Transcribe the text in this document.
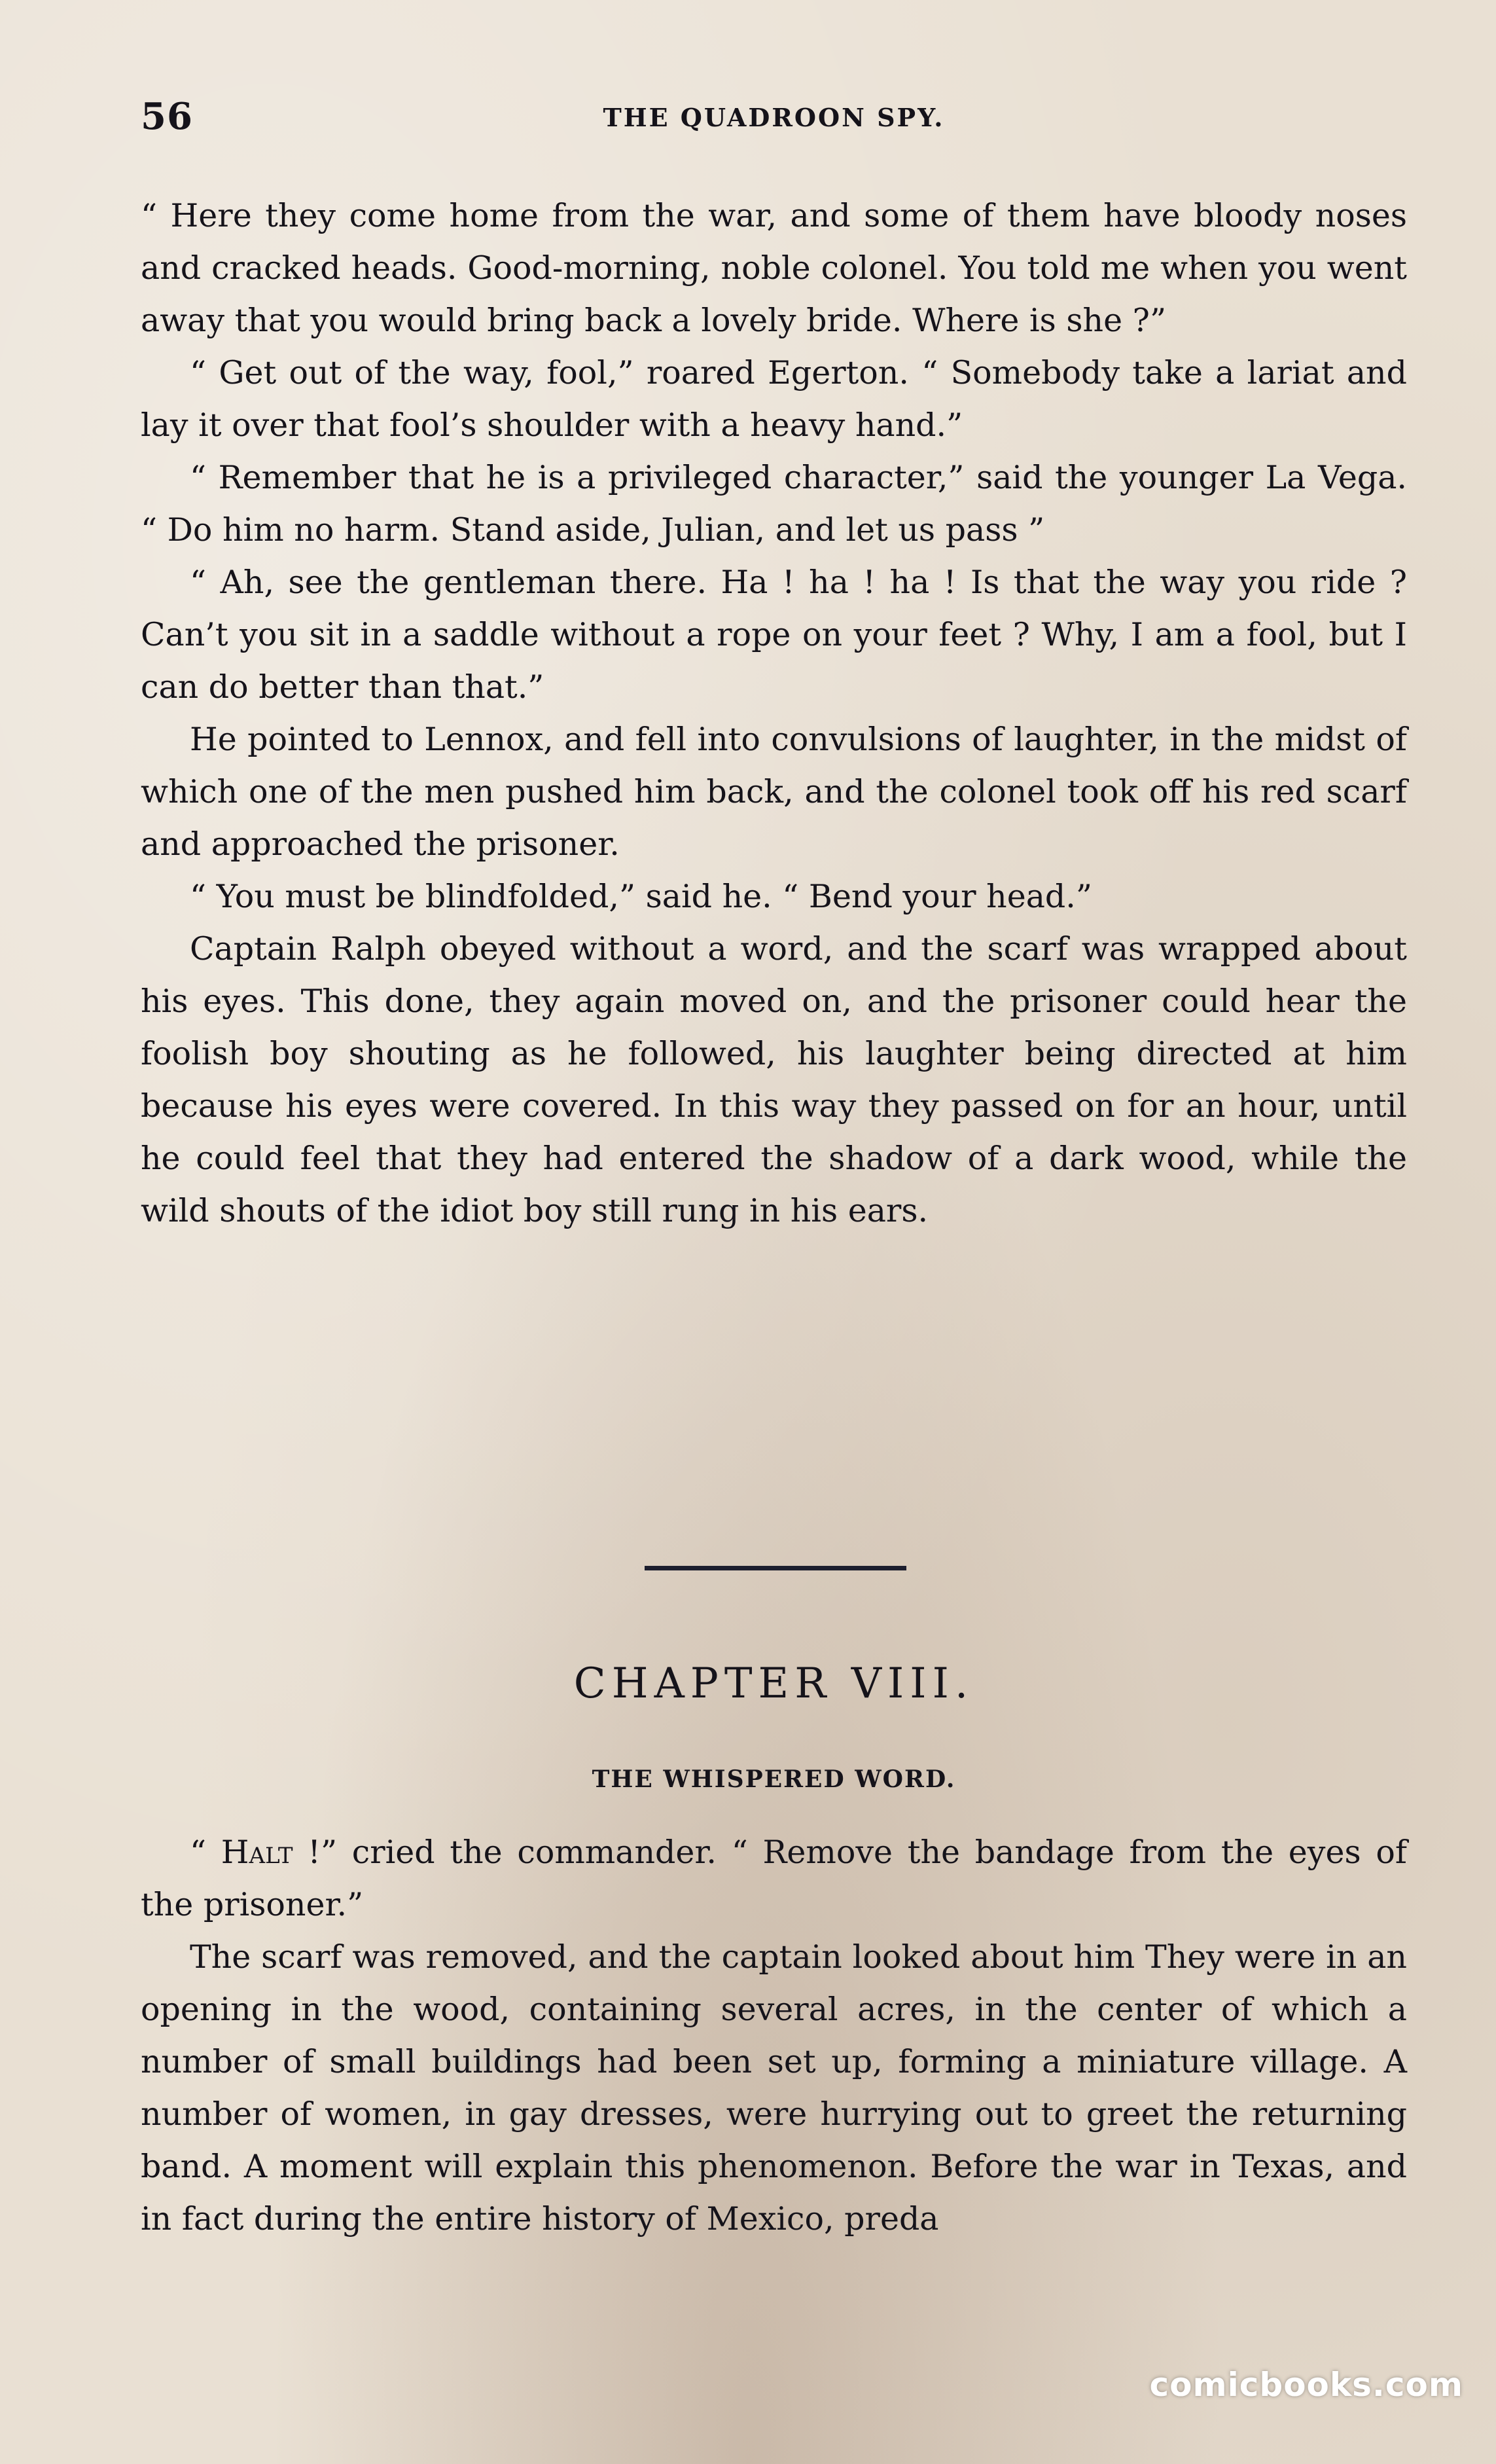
56	THE QUADROON SPY.

“ Here they come home from the war, and some of them have bloody noses and cracked heads. Good-morning, noble colonel. You told me when you went away that you would bring back a lovely bride. Where is she ?”

“ Get out of the way, fool,” roared Egerton. “ Somebody take a lariat and lay it over that fool’s shoulder with a heavy hand.”

“ Remember that he is a privileged character,” said the younger La Vega. “ Do him no harm. Stand aside, Julian, and let us pass ”

“ Ah, see the gentleman there. Ha ! ha ! ha ! Is that the way you ride ? Can’t you sit in a saddle without a rope on your feet ? Why, I am a fool, but I can do better than that.”

He pointed to Lennox, and fell into convulsions of laughter, in the midst of which one of the men pushed him back, and the colonel took off his red scarf and approached the prisoner.

“ You must be blindfolded,” said he. “ Bend your head.”

Captain Ralph obeyed without a word, and the scarf was wrapped about his eyes. This done, they again moved on, and the prisoner could hear the foolish boy shouting as he followed, his laughter being directed at him because his eyes were covered. In this way they passed on for an hour, until he could feel that they had entered the shadow of a dark wood, while the wild shouts of the idiot boy still rung in his ears.

CHAPTER VIII.
THE WHISPERED WORD.

“ Halt !” cried the commander. “ Remove the bandage from the eyes of the prisoner.”

The scarf was removed, and the captain looked about him They were in an opening in the wood, containing several acres, in the center of which a number of small buildings had been set up, forming a miniature village. A number of women, in gay dresses, were hurrying out to greet the returning band. A moment will explain this phenomenon. Before the war in Texas, and in fact during the entire history of Mexico, preda

comicbooks.com
